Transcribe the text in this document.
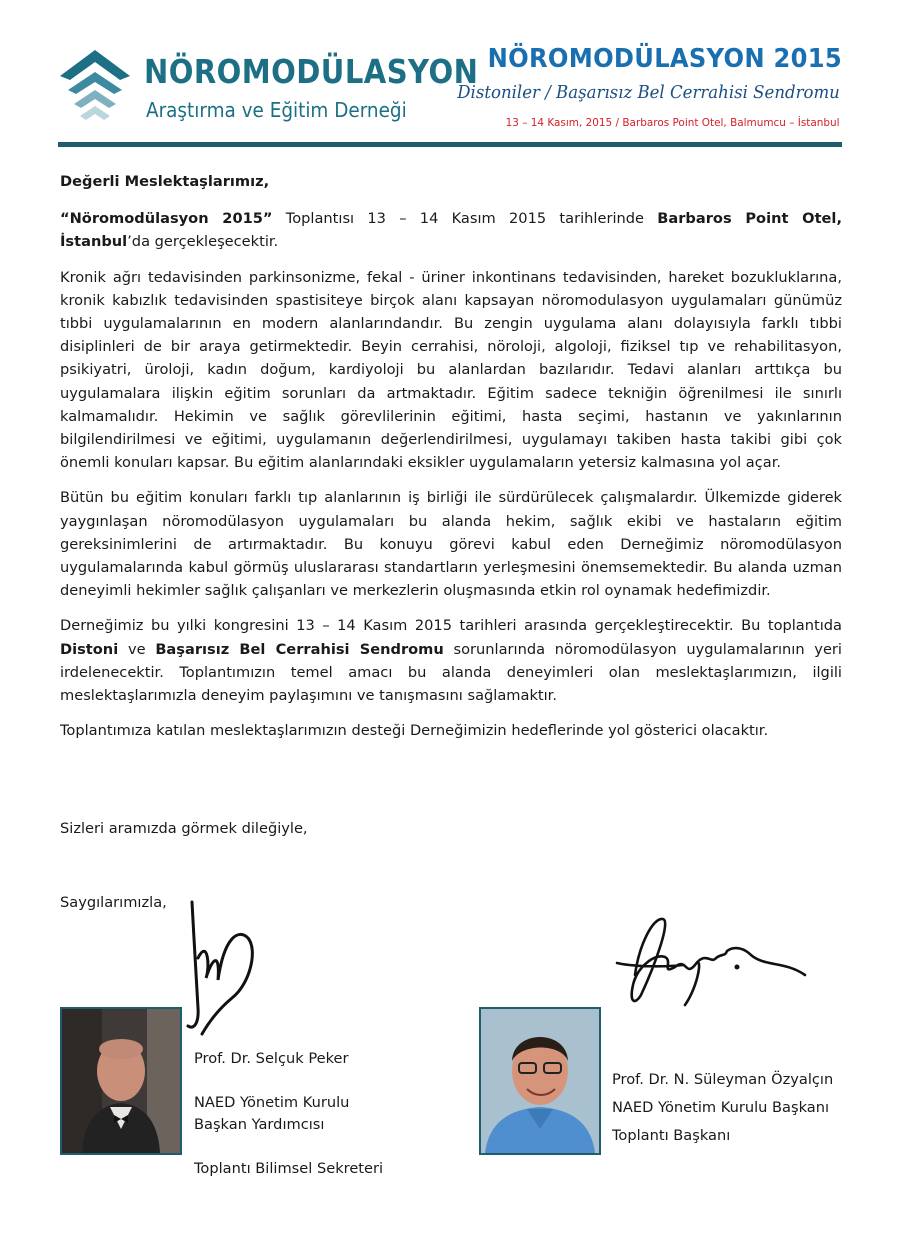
NÖROMODÜLASYON
Araştırma ve Eğitim Derneği
NÖROMODÜLASYON 2015
Distoniler / Başarısız Bel Cerrahisi Sendromu
13 – 14 Kasım, 2015 / Barbaros Point Otel, Balmumcu – İstanbul

Değerli Meslektaşlarımız,

“Nöromodülasyon 2015” Toplantısı 13 – 14 Kasım 2015 tarihlerinde Barbaros Point Otel, İstanbul’da gerçekleşecektir.

Kronik ağrı tedavisinden parkinsonizme, fekal - üriner inkontinans tedavisinden, hareket bozukluklarına, kronik kabızlık tedavisinden spastisiteye birçok alanı kapsayan nöromodulasyon uygulamaları günümüz tıbbi uygulamalarının en modern alanlarındandır. Bu zengin uygulama alanı dolayısıyla farklı tıbbi disiplinleri de bir araya getirmektedir. Beyin cerrahisi, nöroloji, algoloji, fiziksel tıp ve rehabilitasyon, psikiyatri, üroloji, kadın doğum, kardiyoloji bu alanlardan bazılarıdır. Tedavi alanları arttıkça bu uygulamalara ilişkin eğitim sorunları da artmaktadır. Eğitim sadece tekniğin öğrenilmesi ile sınırlı kalmamalıdır. Hekimin ve sağlık görevlilerinin eğitimi, hasta seçimi, hastanın ve yakınlarının bilgilendirilmesi ve eğitimi, uygulamanın değerlendirilmesi, uygulamayı takiben hasta takibi gibi çok önemli konuları kapsar. Bu eğitim alanlarındaki eksikler uygulamaların yetersiz kalmasına yol açar.

Bütün bu eğitim konuları farklı tıp alanlarının iş birliği ile sürdürülecek çalışmalardır. Ülkemizde giderek yaygınlaşan nöromodülasyon uygulamaları bu alanda hekim, sağlık ekibi ve hastaların eğitim gereksinimlerini de artırmaktadır. Bu konuyu görevi kabul eden Derneğimiz nöromodülasyon uygulamalarında kabul görmüş uluslararası standartların yerleşmesini önemsemektedir. Bu alanda uzman deneyimli hekimler sağlık çalışanları ve merkezlerin oluşmasında etkin rol oynamak hedefimizdir.

Derneğimiz bu yılki kongresini 13 – 14 Kasım 2015 tarihleri arasında gerçekleştirecektir. Bu toplantıda Distoni ve Başarısız Bel Cerrahisi Sendromu sorunlarında nöromodülasyon uygulamalarının yeri irdelenecektir. Toplantımızın temel amacı bu alanda deneyimleri olan meslektaşlarımızın, ilgili meslektaşlarımızla deneyim paylaşımını ve tanışmasını sağlamaktır.

Toplantımıza katılan meslektaşlarımızın desteği Derneğimizin hedeflerinde yol gösterici olacaktır.

Sizleri aramızda görmek dileğiyle,
Saygılarımızla,
Prof. Dr. Selçuk Peker
NAED Yönetim Kurulu
Başkan Yardımcısı
Toplantı Bilimsel Sekreteri
Prof. Dr. N. Süleyman Özyalçın
NAED Yönetim Kurulu Başkanı
Toplantı Başkanı
